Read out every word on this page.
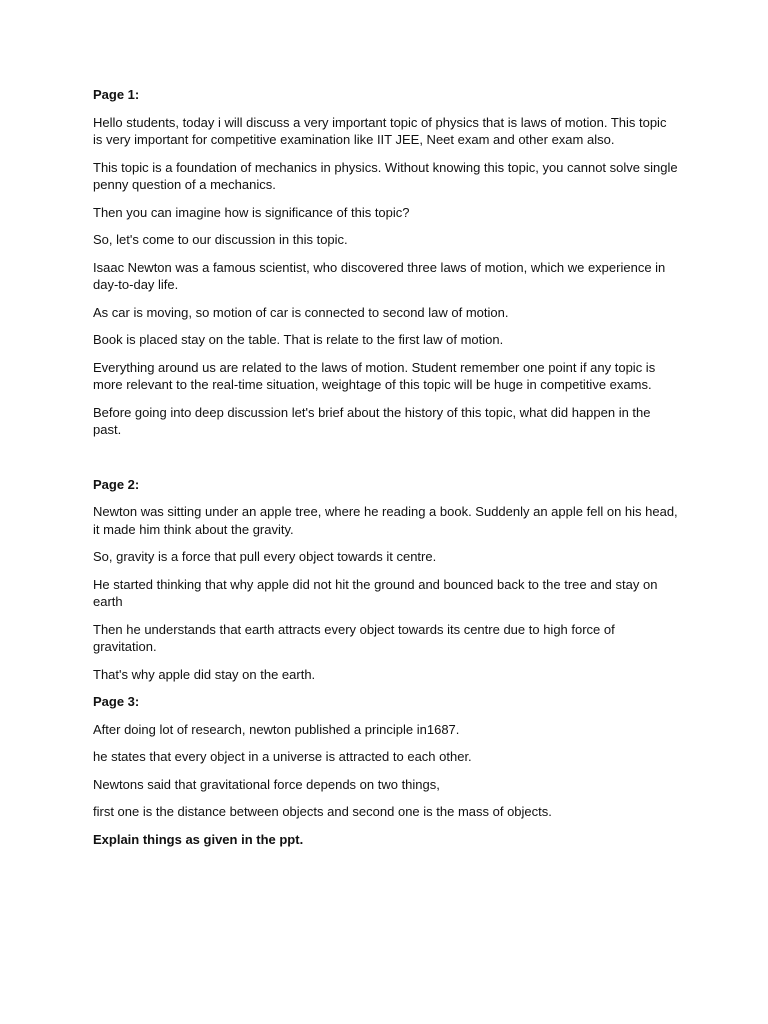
Page 1:

Hello students, today i will discuss a very important topic of physics that is laws of motion. This topic is very important for competitive examination like IIT JEE, Neet exam and other exam also.

This topic is a foundation of mechanics in physics. Without knowing this topic, you cannot solve single penny question of a mechanics.

Then you can imagine how is significance of this topic?

So, let's come to our discussion in this topic.

Isaac Newton was a famous scientist, who discovered three laws of motion, which we experience in day-to-day life.

As car is moving, so motion of car is connected to second law of motion.

Book is placed stay on the table. That is relate to the first law of motion.

Everything around us are related to the laws of motion. Student remember one point if any topic is more relevant to the real-time situation, weightage of this topic will be huge in competitive exams.

Before going into deep discussion let's brief about the history of this topic, what did happen in the past.

Page 2:

Newton was sitting under an apple tree, where he reading a book. Suddenly an apple fell on his head, it made him think about the gravity.

So, gravity is a force that pull every object towards it centre.

He started thinking that why apple did not hit the ground and bounced back to the tree and stay on earth

Then he understands that earth attracts every object towards its centre due to high force of gravitation.

That's why apple did stay on the earth.

Page 3:

After doing lot of research, newton published a principle in1687.

he states that every object in a universe is attracted to each other.

Newtons said that gravitational force depends on two things,

first one is the distance between objects and second one is the mass of objects.

Explain things as given in the ppt.
